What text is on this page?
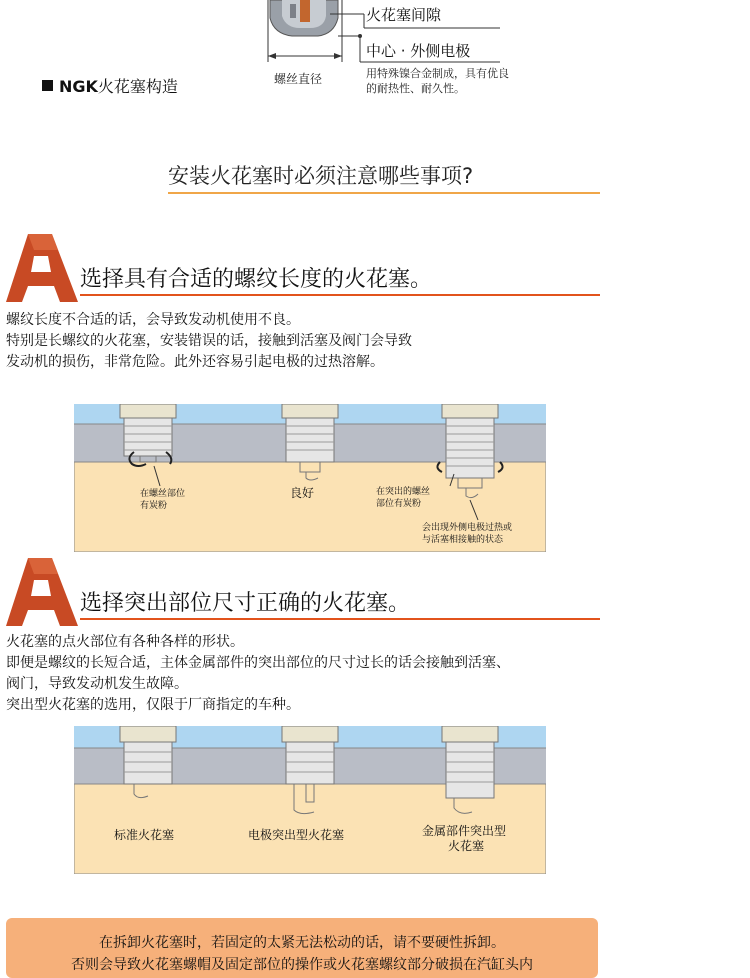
火花塞间隙
中心 · 外侧电极
用特殊镍合金制成，具有优良
的耐热性、耐久性。
螺丝直径
NGK火花塞构造
安装火花塞时必须注意哪些事项?
选择具有合适的螺纹长度的火花塞。
螺纹长度不合适的话，会导致发动机使用不良。
特别是长螺纹的火花塞，安装错误的话，接触到活塞及阀门会导致
发动机的损伤，非常危险。此外还容易引起电极的过热溶解。
在螺丝部位
有炭粉
良好	在突出的螺丝
部位有炭粉
会出现外侧电极过热或
与活塞相接触的状态
选择突出部位尺寸正确的火花塞。
火花塞的点火部位有各种各样的形状。
即便是螺纹的长短合适，主体金属部件的突出部位的尺寸过长的话会接触到活塞、
阀门，导致发动机发生故障。
突出型火花塞的选用，仅限于厂商指定的车种。
标准火花塞	电极突出型火花塞	金属部件突出型
火花塞
在拆卸火花塞时，若固定的太紧无法松动的话，请不要硬性拆卸。
否则会导致火花塞螺帽及固定部位的操作或火花塞螺纹部分破损在汽缸头内
